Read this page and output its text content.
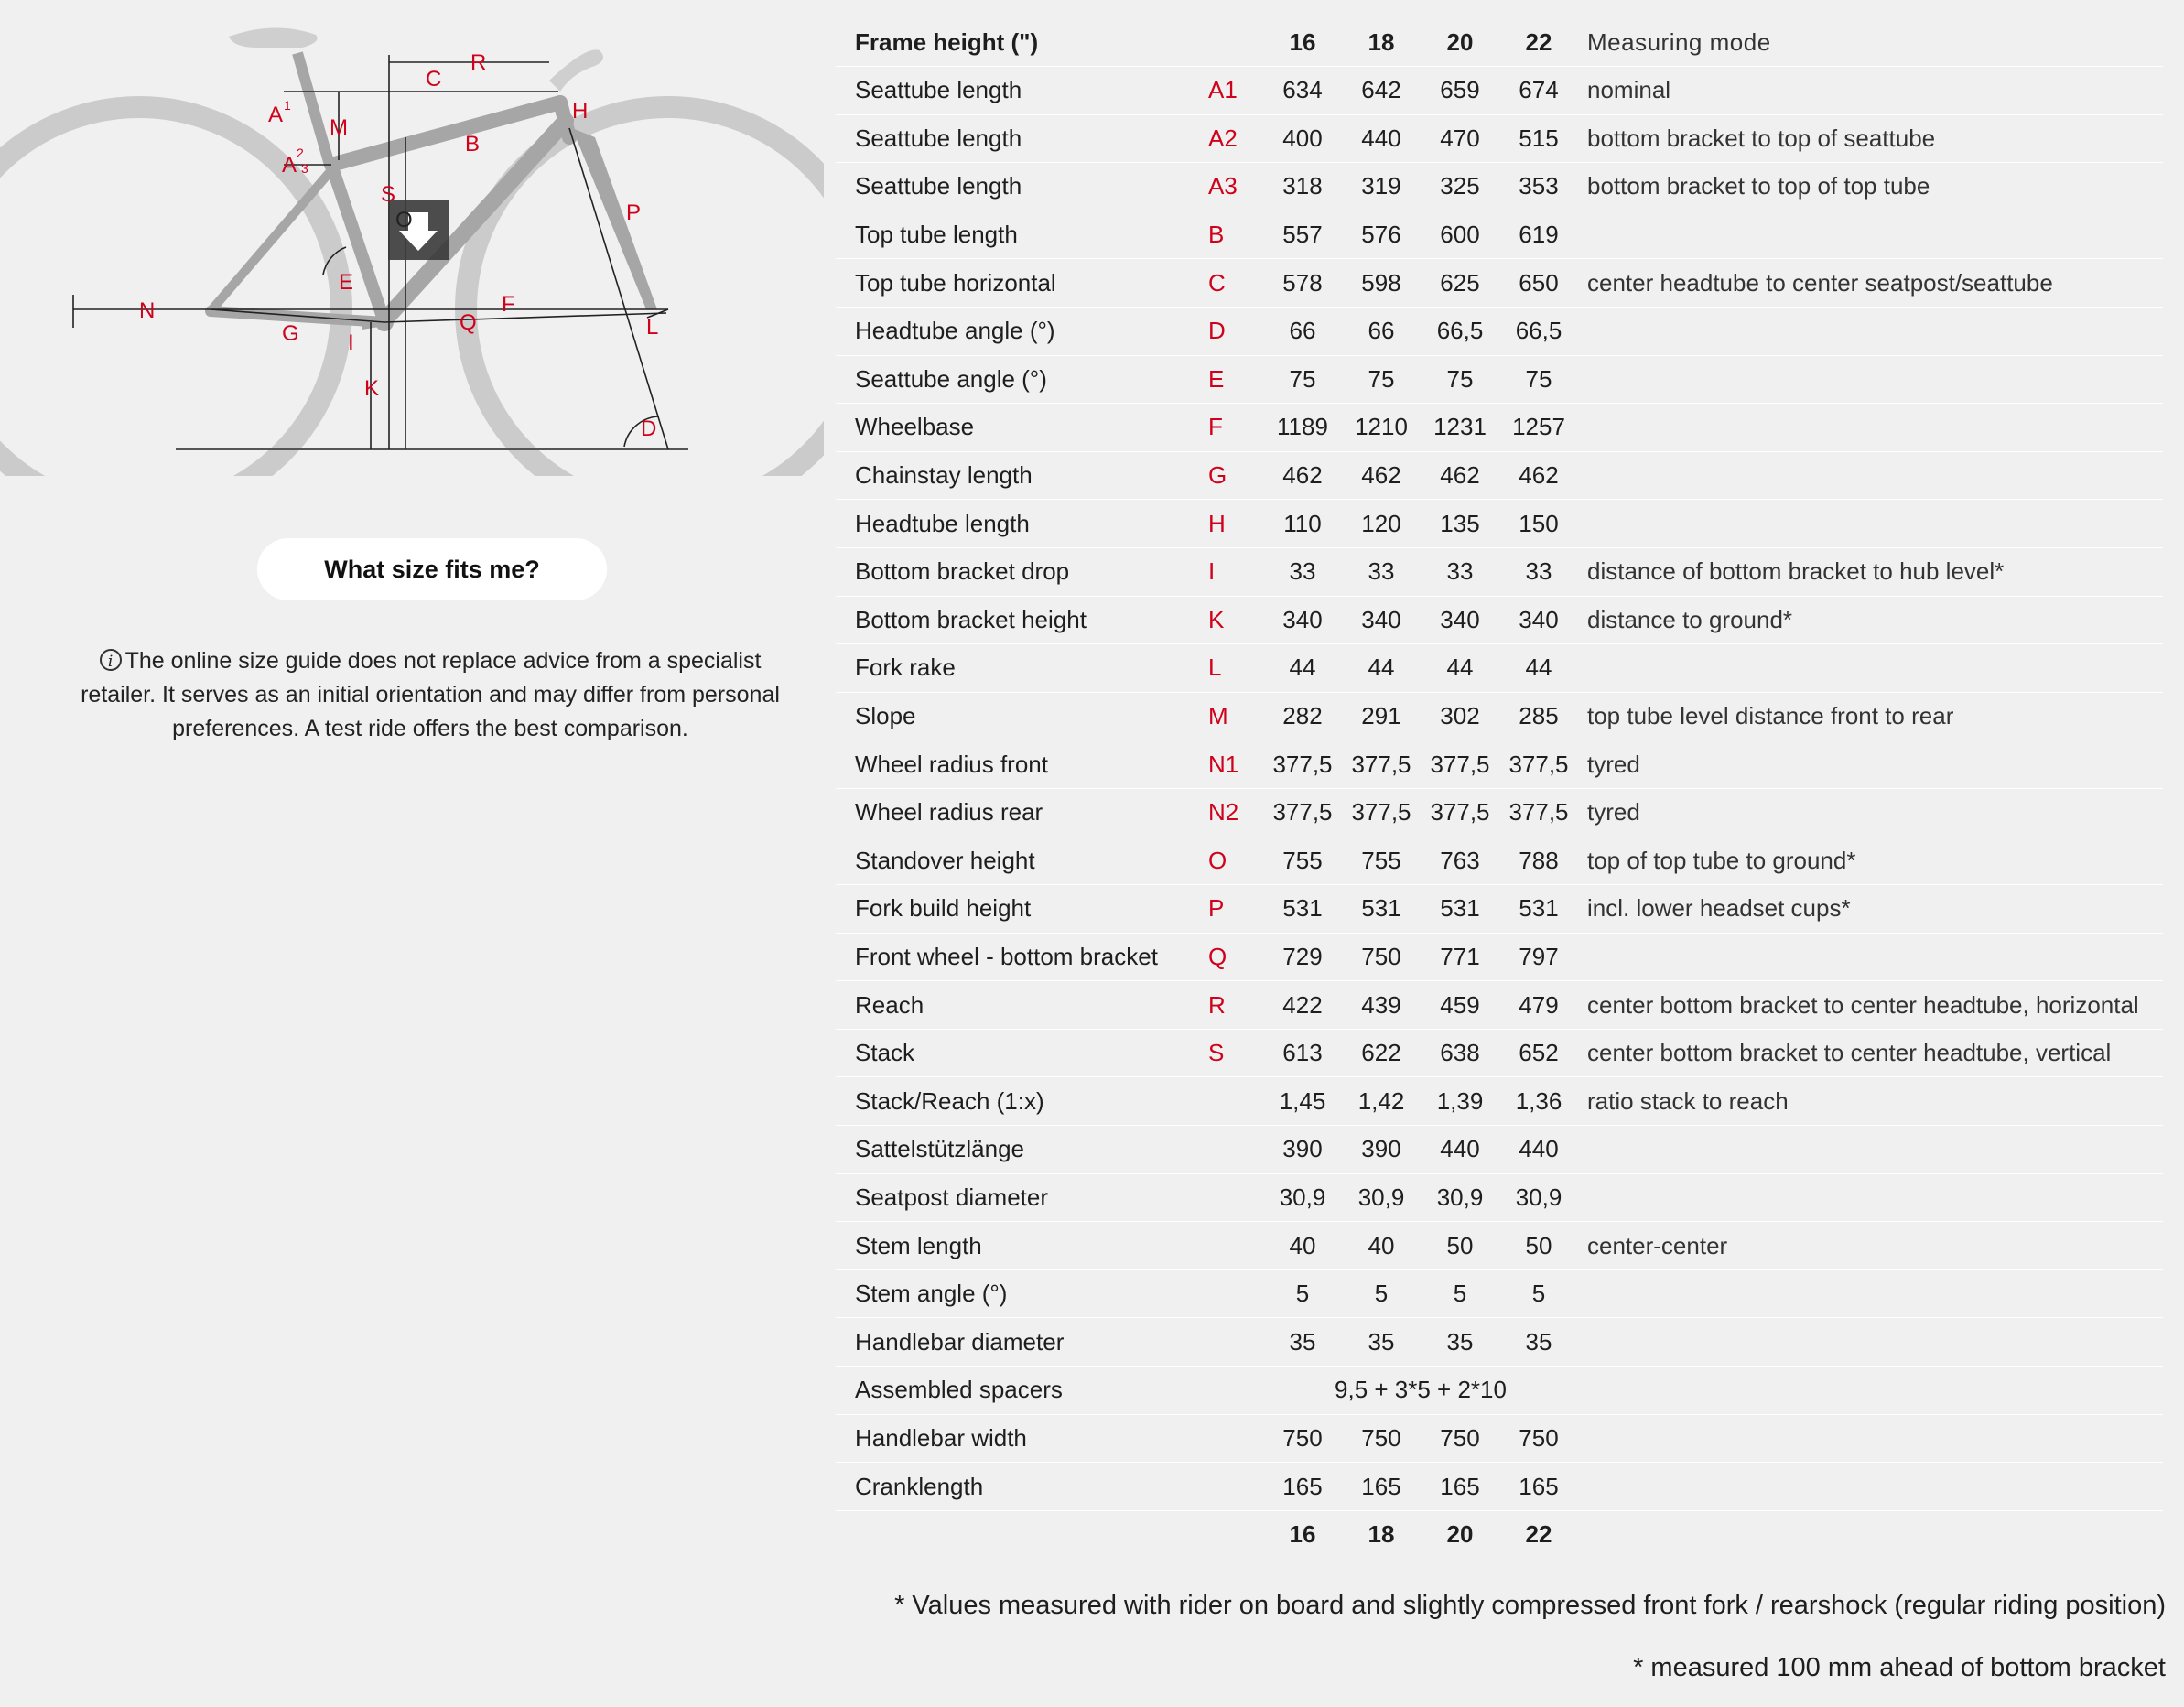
A 1
M
A 2
3
C
R
H
B
S
O	P
E
N	F
G	Q
I
L
K
D
What size fits me?
i The online size guide does not replace advice from a specialist retailer. It serves as an initial orientation and may differ from personal preferences. A test ride offers the best comparison.
Frame height (")		16	18	20	22	Measuring mode
Seattube length	A1	634	642	659	674	nominal
Seattube length	A2	400	440	470	515	bottom bracket to top of seattube
Seattube length	A3	318	319	325	353	bottom bracket to top of top tube
Top tube length	B	557	576	600	619	
Top tube horizontal	C	578	598	625	650	center headtube to center seatpost/seattube
Headtube angle (°)	D	66	66	66,5	66,5	
Seattube angle (°)	E	75	75	75	75	
Wheelbase	F	1189	1210	1231	1257	
Chainstay length	G	462	462	462	462	
Headtube length	H	110	120	135	150	
Bottom bracket drop	I	33	33	33	33	distance of bottom bracket to hub level*
Bottom bracket height	K	340	340	340	340	distance to ground*
Fork rake	L	44	44	44	44	
Slope	M	282	291	302	285	top tube level distance front to rear
Wheel radius front	N1	377,5	377,5	377,5	377,5	tyred
Wheel radius rear	N2	377,5	377,5	377,5	377,5	tyred
Standover height	O	755	755	763	788	top of top tube to ground*
Fork build height	P	531	531	531	531	incl. lower headset cups*
Front wheel - bottom bracket	Q	729	750	771	797	
Reach	R	422	439	459	479	center bottom bracket to center headtube, horizontal
Stack	S	613	622	638	652	center bottom bracket to center headtube, vertical
Stack/Reach (1:x)		1,45	1,42	1,39	1,36	ratio stack to reach
Sattelstützlänge		390	390	440	440	
Seatpost diameter		30,9	30,9	30,9	30,9	
Stem length		40	40	50	50	center-center
Stem angle (°)		5	5	5	5	
Handlebar diameter		35	35	35	35	
Assembled spacers		9,5 + 3*5 + 2*10				
Handlebar width		750	750	750	750	
Cranklength		165	165	165	165	
		16	18	20	22	
* Values measured with rider on board and slightly compressed front fork / rearshock (regular riding position)
* measured 100 mm ahead of bottom bracket
